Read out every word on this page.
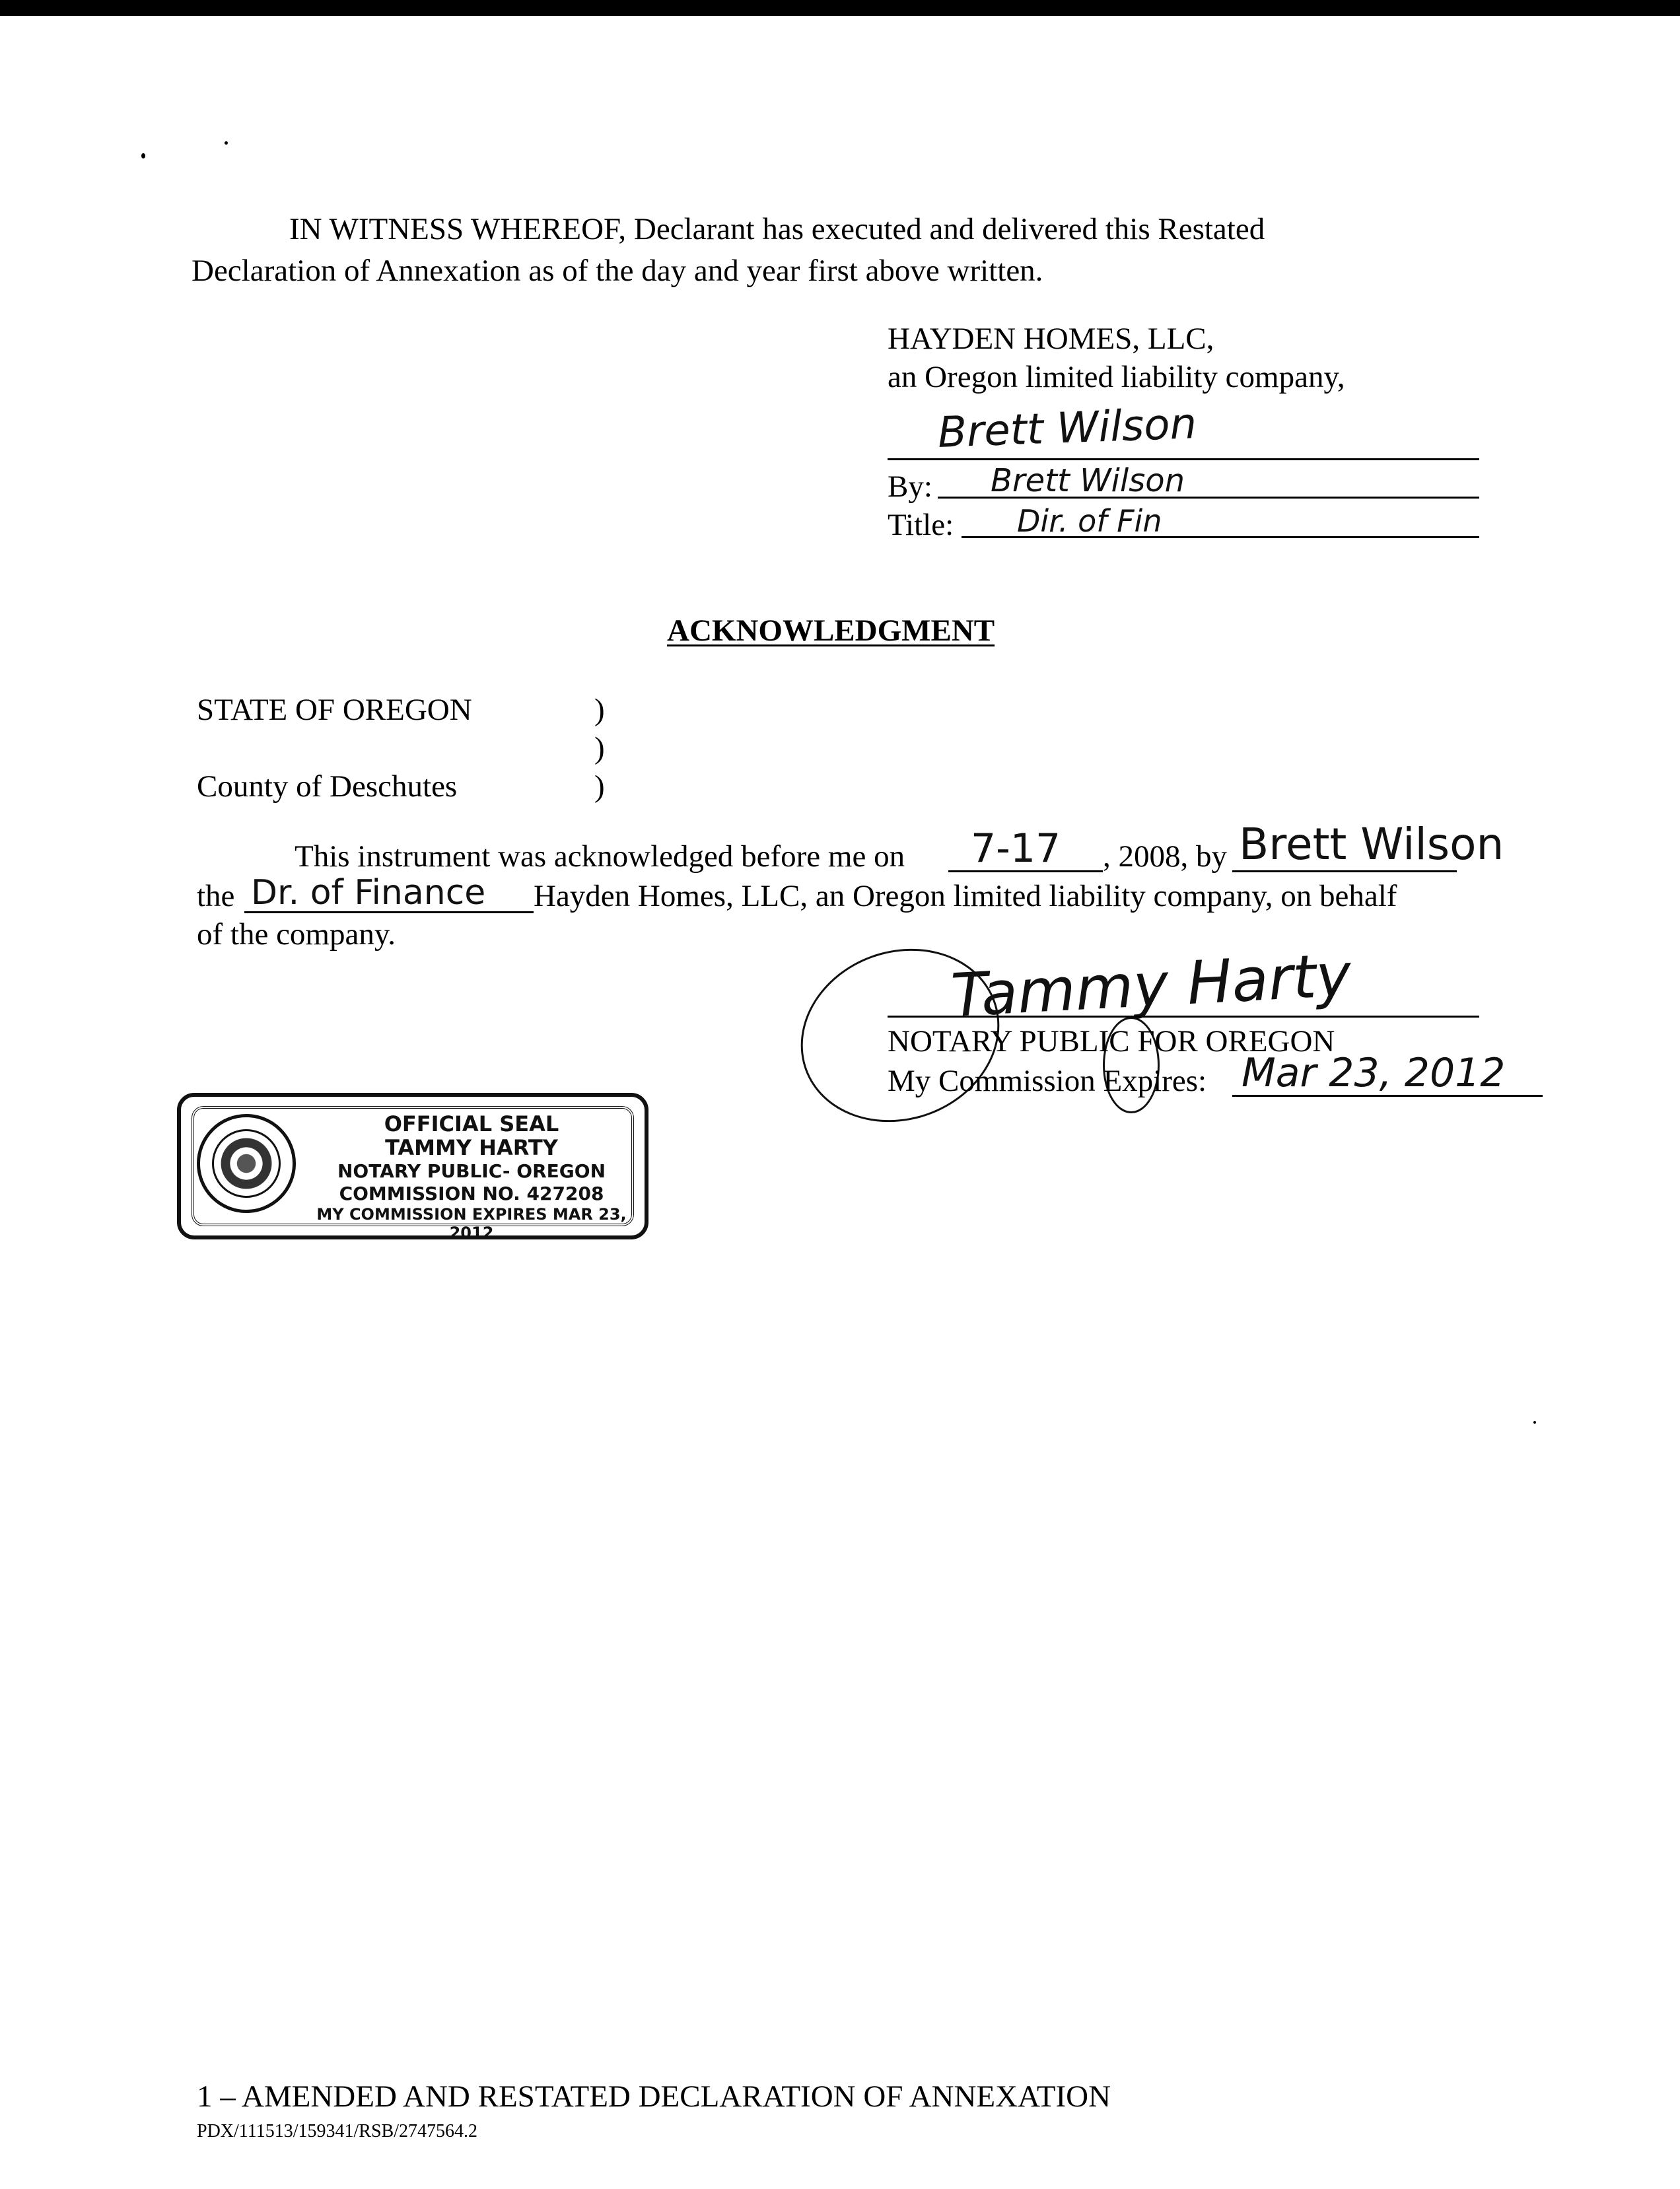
IN WITNESS WHEREOF, Declarant has executed and delivered this Restated
Declaration of Annexation as of the day and year first above written.
HAYDEN HOMES, LLC,
an Oregon limited liability company,
Brett Wilson
By: Brett Wilson
Title: Dir. of Fin
ACKNOWLEDGMENT
STATE OF OREGON	)
)
County of Deschutes	)
This instrument was acknowledged before me on 7-17 , 2008, by Brett Wilson
the Dr. of Finance Hayden Homes, LLC, an Oregon limited liability company, on behalf
of the company.
Tammy Harty
NOTARY PUBLIC FOR OREGON
My Commission Expires: Mar 23, 2012
OFFICIAL SEAL
TAMMY HARTY
NOTARY PUBLIC- OREGON
COMMISSION NO. 427208
MY COMMISSION EXPIRES MAR 23, 2012
1 – AMENDED AND RESTATED DECLARATION OF ANNEXATION
PDX/111513/159341/RSB/2747564.2
